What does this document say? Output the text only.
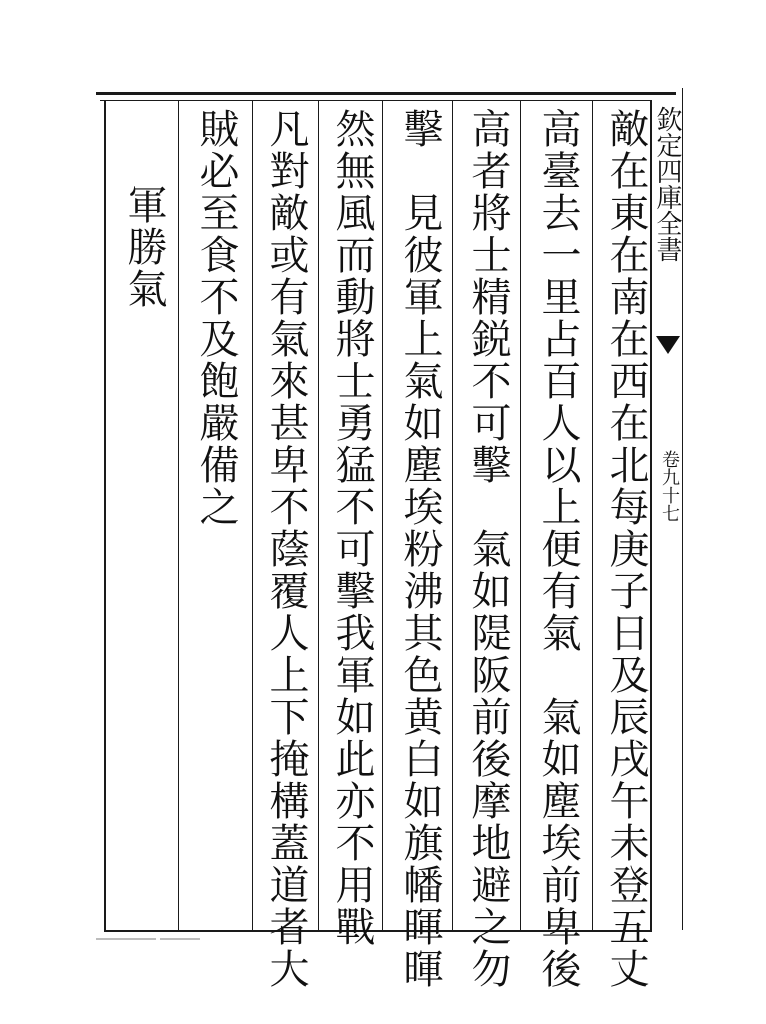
欽定四庫全書
卷九十七
敵在東在南在西在北每庚子日及辰戌午未登五丈
高臺去一里占百人以上便有氣　氣如塵埃前卑後
高者將士精鋭不可擊　氣如隄阪前後摩地避之勿
擊　見彼軍上氣如塵埃粉沸其色黄白如旗幡暉暉
然無風而動將士勇猛不可擊我軍如此亦不用戰
凡對敵或有氣來甚卑不蔭覆人上下掩構蓋道者大
賊必至食不及飽嚴備之
軍勝氣
